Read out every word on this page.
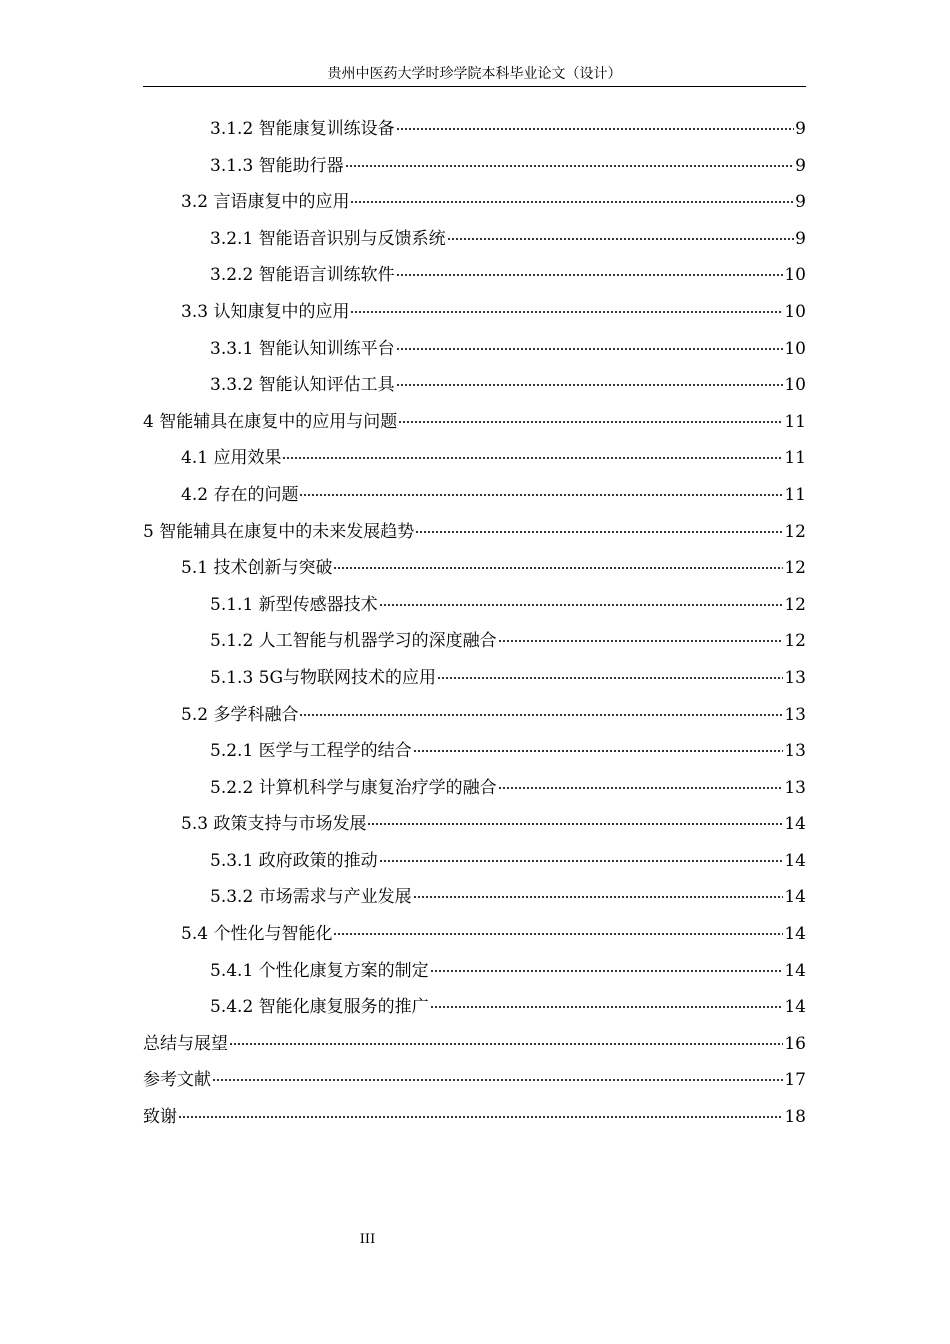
贵州中医药大学时珍学院本科毕业论文（设计）
3.1.2 智能康复训练设备	9
3.1.3 智能助行器	9
3.2 言语康复中的应用	9
3.2.1 智能语音识别与反馈系统	9
3.2.2 智能语言训练软件	10
3.3 认知康复中的应用	10
3.3.1 智能认知训练平台	10
3.3.2 智能认知评估工具	10
4 智能辅具在康复中的应用与问题	11
4.1 应用效果	11
4.2 存在的问题	11
5 智能辅具在康复中的未来发展趋势	12
5.1 技术创新与突破	12
5.1.1 新型传感器技术	12
5.1.2 人工智能与机器学习的深度融合	12
5.1.3 5G与物联网技术的应用	13
5.2 多学科融合	13
5.2.1 医学与工程学的结合	13
5.2.2 计算机科学与康复治疗学的融合	13
5.3 政策支持与市场发展	14
5.3.1 政府政策的推动	14
5.3.2 市场需求与产业发展	14
5.4 个性化与智能化	14
5.4.1 个性化康复方案的制定	14
5.4.2 智能化康复服务的推广	14
总结与展望	16
参考文献	17
致谢	18
III
